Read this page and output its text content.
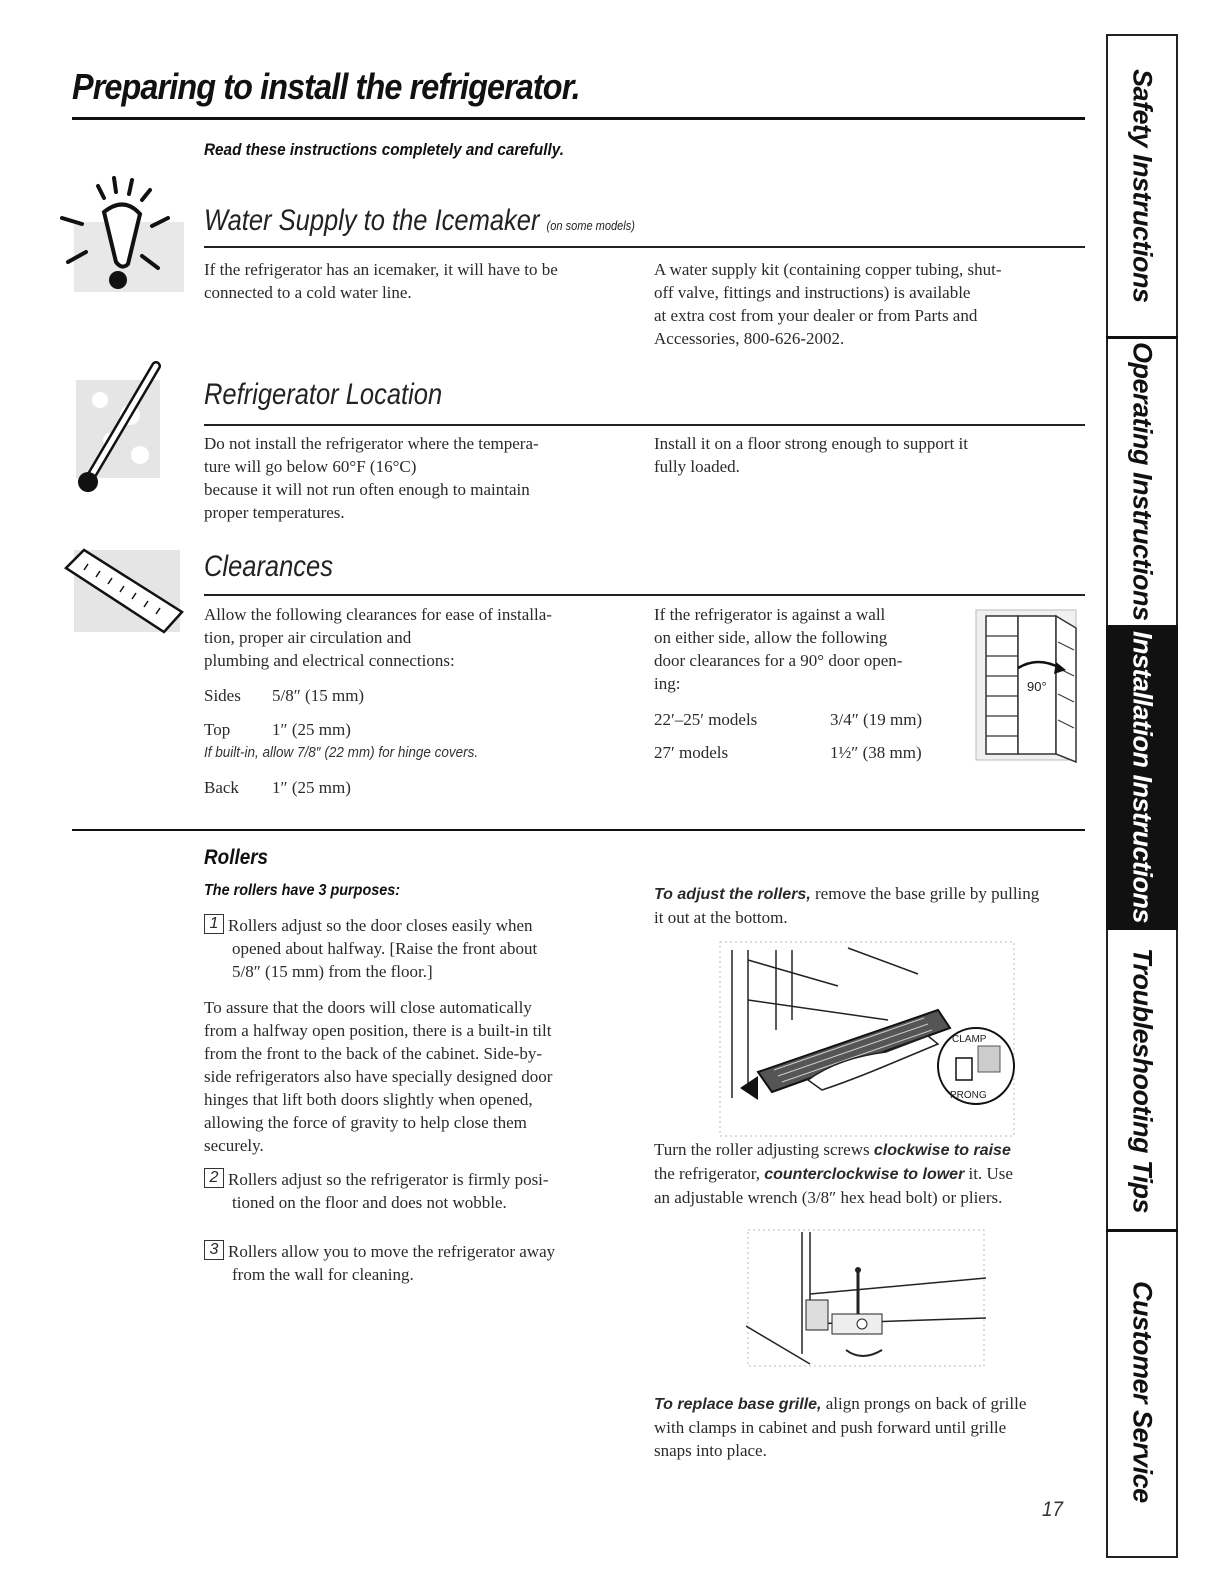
Preparing to install the refrigerator.
Read these instructions completely and carefully.	Safety Instructions
Operating Instructions
Installation Instructions
Troubleshooting Tips
Customer Service
Water Supply to the Icemaker (on some models)
If the refrigerator has an icemaker, it will have to be
connected to a cold water line.
A water supply kit (containing copper tubing, shut-
off valve, fittings and instructions) is available
at extra cost from your dealer or from Parts and
Accessories, 800-626-2002.
Refrigerator Location
Do not install the refrigerator where the tempera-
ture will go below 60°F (16°C)
because it will not run often enough to maintain
proper temperatures.
Install it on a floor strong enough to support it
fully loaded.
Clearances
Allow the following clearances for ease of installa-
tion, proper air circulation and
plumbing and electrical connections:
Sides 5/8″ (15 mm)
Top 1″ (25 mm)
If built-in, allow 7/8″ (22 mm) for hinge covers.
Back 1″ (25 mm)
If the refrigerator is against a wall
on either side, allow the following
door clearances for a 90° door open-
ing:
22′–25′ models	3/4″ (19 mm)
27′ models	1½″ (38 mm)
90°
Rollers
The rollers have 3 purposes:
1 Rollers adjust so the door closes easily when
opened about halfway. [Raise the front about
5/8″ (15 mm) from the floor.]
To assure that the doors will close automatically
from a halfway open position, there is a built-in tilt
from the front to the back of the cabinet. Side-by-
side refrigerators also have specially designed door
hinges that lift both doors slightly when opened,
allowing the force of gravity to help close them
securely.
2 Rollers adjust so the refrigerator is firmly posi-
tioned on the floor and does not wobble.
3 Rollers allow you to move the refrigerator away
from the wall for cleaning.
To adjust the rollers, remove the base grille by pulling
it out at the bottom.
CLAMP
PRONG
Turn the roller adjusting screws clockwise to raise
the refrigerator, counterclockwise to lower it. Use
an adjustable wrench (3/8″ hex head bolt) or pliers.
To replace base grille, align prongs on back of grille
with clamps in cabinet and push forward until grille
snaps into place.
17
